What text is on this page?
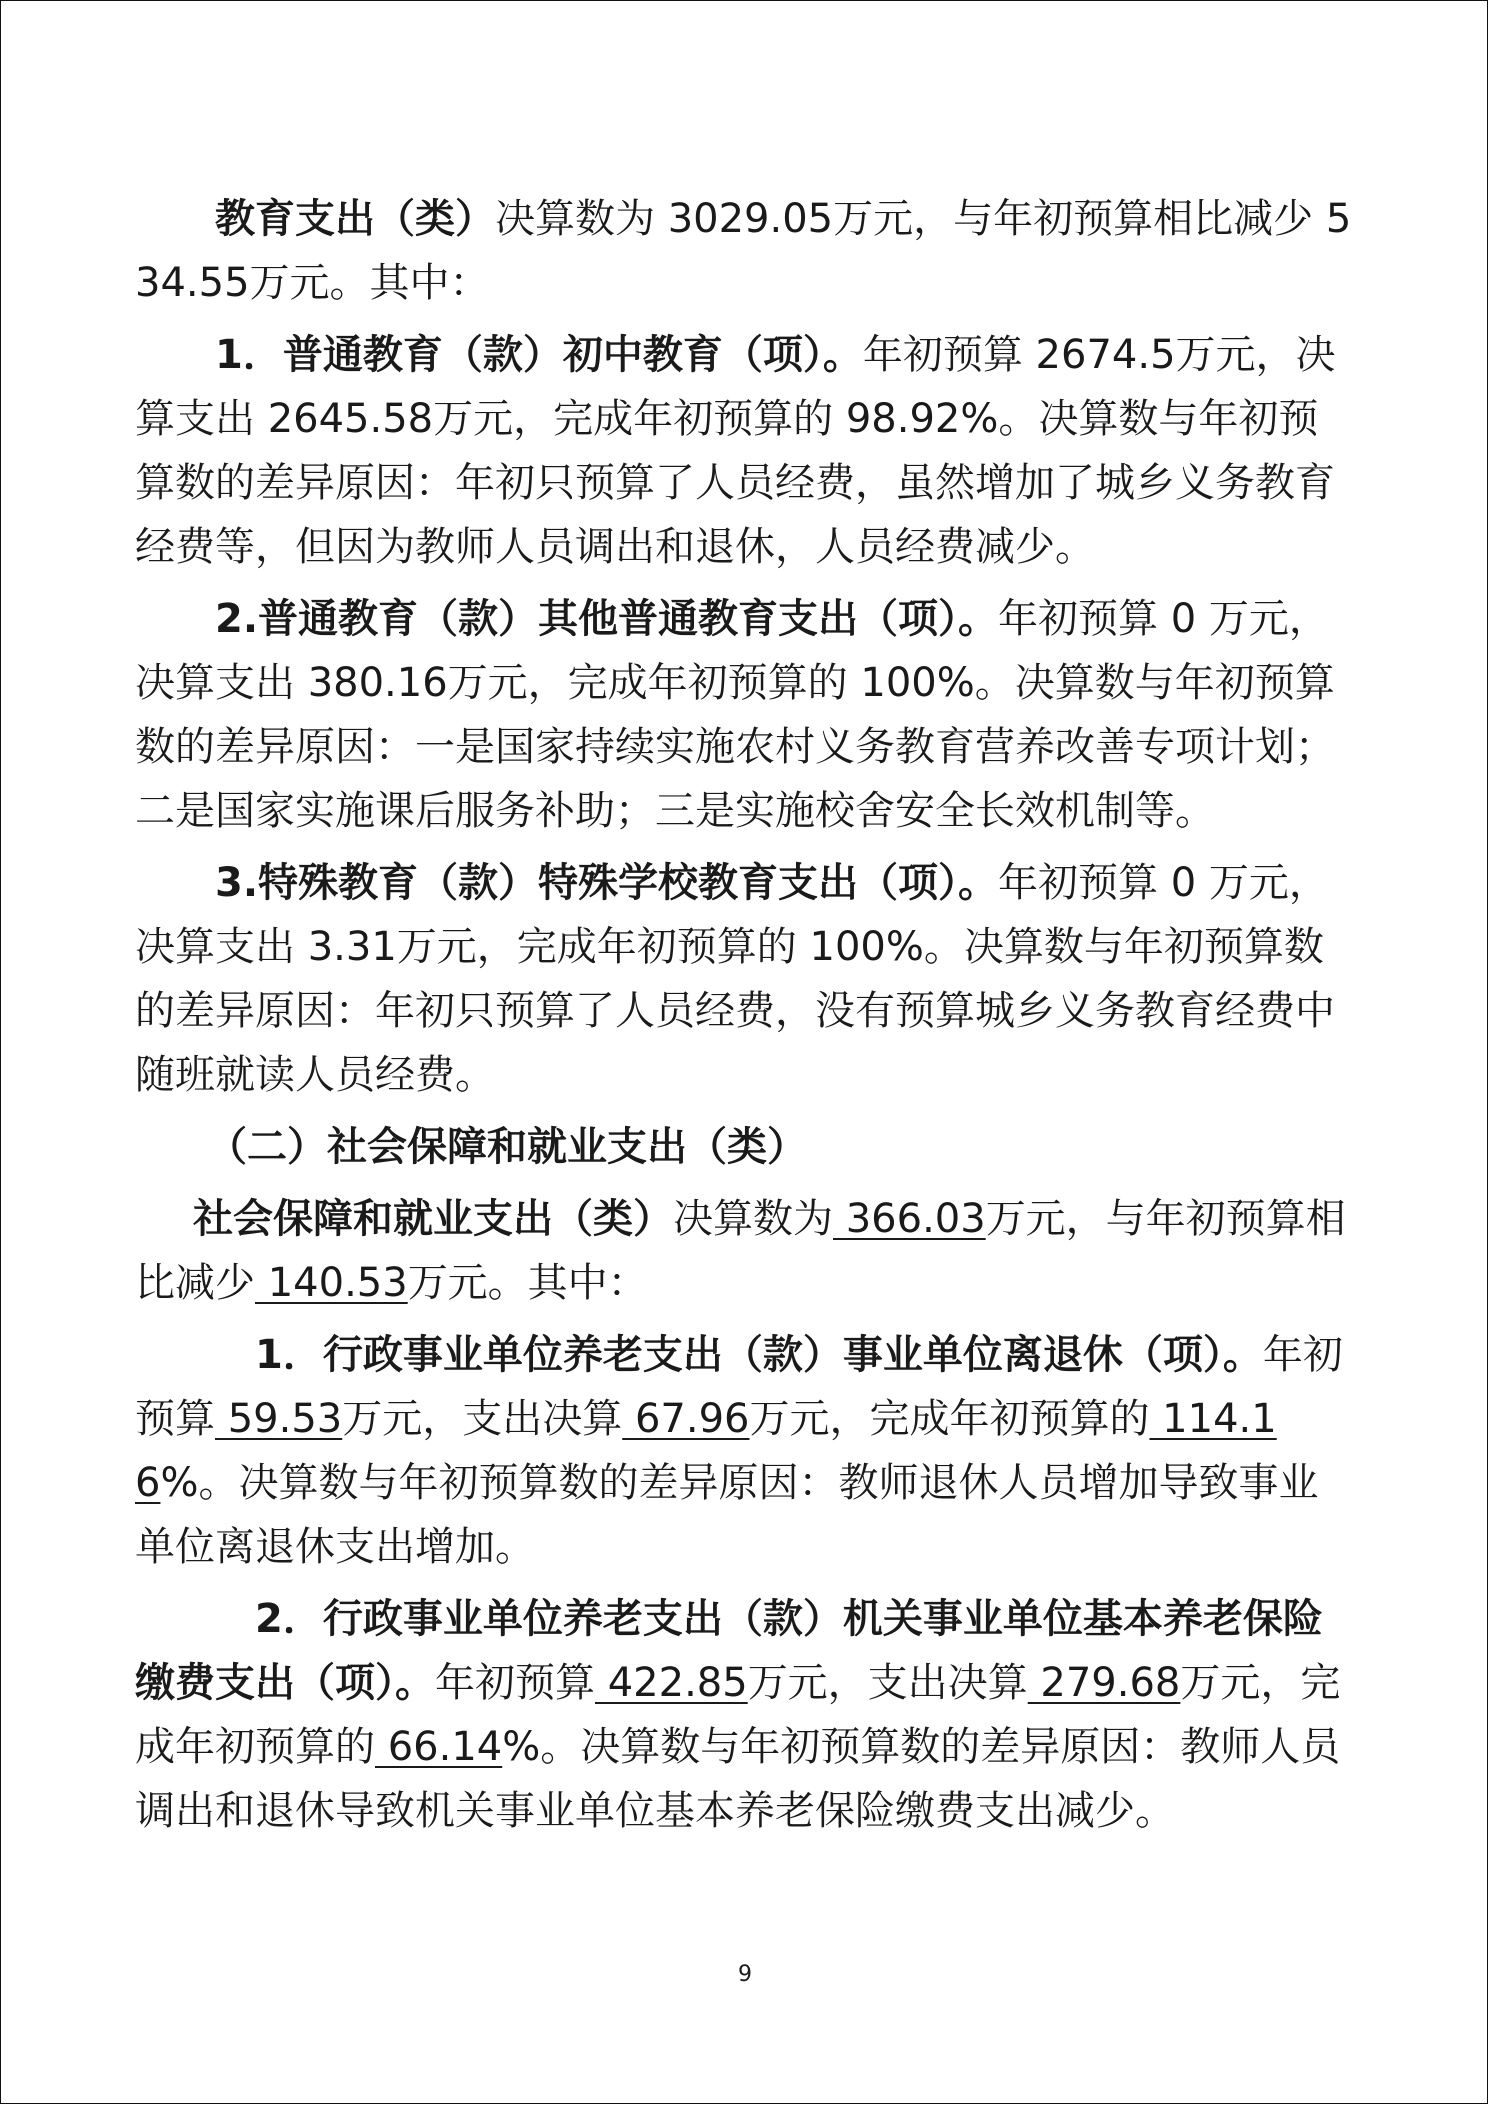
教育支出（类）决算数为 3029.05万元，与年初预算相比减少 534.55万元。其中：

1．普通教育（款）初中教育（项）。年初预算 2674.5万元，决算支出 2645.58万元，完成年初预算的 98.92%。决算数与年初预算数的差异原因：年初只预算了人员经费，虽然增加了城乡义务教育经费等，但因为教师人员调出和退休，人员经费减少。

2.普通教育（款）其他普通教育支出（项）。年初预算 0 万元，决算支出 380.16万元，完成年初预算的 100%。决算数与年初预算数的差异原因：一是国家持续实施农村义务教育营养改善专项计划；二是国家实施课后服务补助；三是实施校舍安全长效机制等。

3.特殊教育（款）特殊学校教育支出（项）。年初预算 0 万元，决算支出 3.31万元，完成年初预算的 100%。决算数与年初预算数的差异原因：年初只预算了人员经费，没有预算城乡义务教育经费中随班就读人员经费。

（二）社会保障和就业支出（类）

社会保障和就业支出（类）决算数为 366.03万元，与年初预算相比减少 140.53万元。其中：

1．行政事业单位养老支出（款）事业单位离退休（项）。年初预算 59.53万元，支出决算 67.96万元，完成年初预算的 114.16%。决算数与年初预算数的差异原因：教师退休人员增加导致事业单位离退休支出增加。

2．行政事业单位养老支出（款）机关事业单位基本养老保险缴费支出（项）。年初预算 422.85万元，支出决算 279.68万元，完成年初预算的 66.14%。决算数与年初预算数的差异原因：教师人员调出和退休导致机关事业单位基本养老保险缴费支出减少。

9
